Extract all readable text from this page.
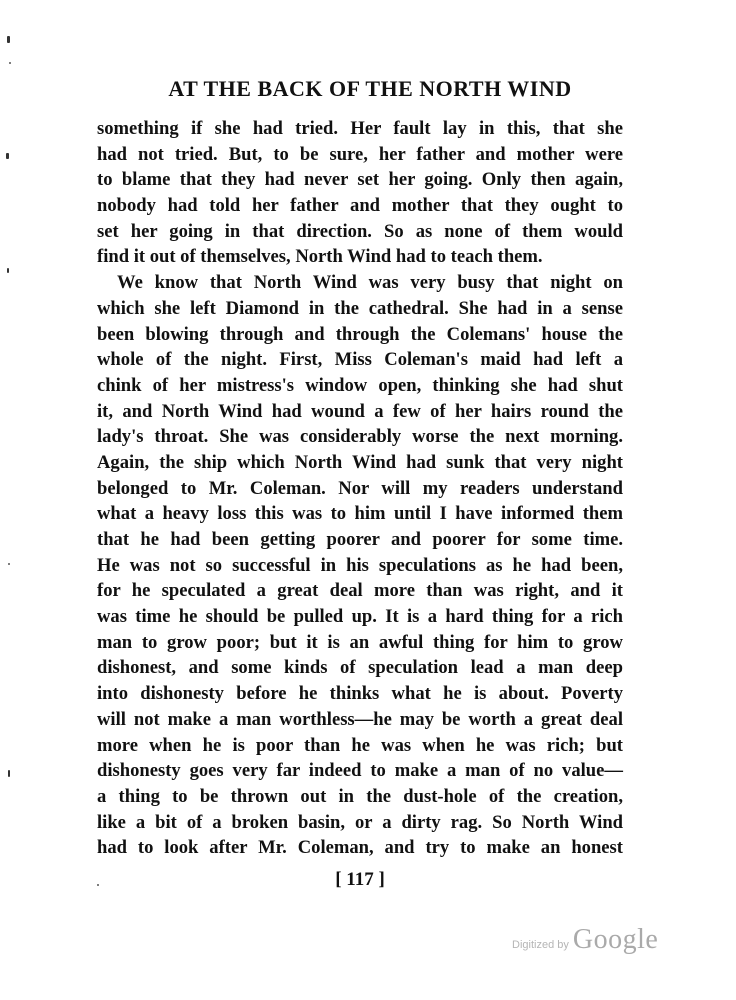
AT THE BACK OF THE NORTH WIND
something if she had tried. Her fault lay in this, that she
had not tried. But, to be sure, her father and mother were
to blame that they had never set her going. Only then again,
nobody had told her father and mother that they ought to
set her going in that direction. So as none of them would
find it out of themselves, North Wind had to teach them.
We know that North Wind was very busy that night on
which she left Diamond in the cathedral. She had in a sense
been blowing through and through the Colemans' house the
whole of the night. First, Miss Coleman's maid had left a
chink of her mistress's window open, thinking she had shut
it, and North Wind had wound a few of her hairs round the
lady's throat. She was considerably worse the next morning.
Again, the ship which North Wind had sunk that very night
belonged to Mr. Coleman. Nor will my readers understand
what a heavy loss this was to him until I have informed them
that he had been getting poorer and poorer for some time.
He was not so successful in his speculations as he had been,
for he speculated a great deal more than was right, and it
was time he should be pulled up. It is a hard thing for a rich
man to grow poor; but it is an awful thing for him to grow
dishonest, and some kinds of speculation lead a man deep
into dishonesty before he thinks what he is about. Poverty
will not make a man worthless—he may be worth a great deal
more when he is poor than he was when he was rich; but
dishonesty goes very far indeed to make a man of no value—
a thing to be thrown out in the dust-hole of the creation,
like a bit of a broken basin, or a dirty rag. So North Wind
had to look after Mr. Coleman, and try to make an honest
[ 117 ]
Digitized by Google
